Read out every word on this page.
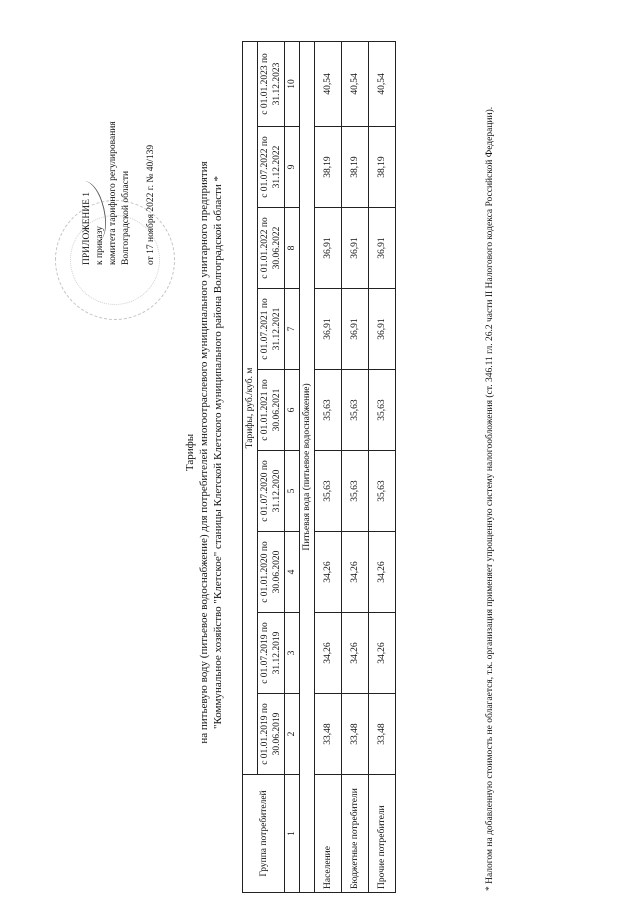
ПРИЛОЖЕНИЕ 1 к приказу комитета тарифного регулирования Волгоградской области от 17 ноября 2022 г. № 40/139
Тарифы на питьевую воду (питьевое водоснабжение) для потребителей многоотраслевого муниципального унитарного предприятия "Коммунальное хозяйство "Клетское" станицы Клетской Клетского муниципального района Волгоградской области *
Группа потребителей	Тарифы, руб./куб. м								
	с 01.01.2019 по 30.06.2019	с 01.07.2019 по 31.12.2019	с 01.01.2020 по 30.06.2020	с 01.07.2020 по 31.12.2020	с 01.01.2021 по 30.06.2021	с 01.07.2021 по 31.12.2021	с 01.01.2022 по 30.06.2022	с 01.07.2022 по 31.12.2022	с 01.01.2023 по 31.12.2023
1	2	3	4	5	6	7	8	9	10
Питьевая вода (питьевое водоснабжение)									
Население	33,48	34,26	34,26	35,63	35,63	36,91	36,91	38,19	40,54
Бюджетные потребители	33,48	34,26	34,26	35,63	35,63	36,91	36,91	38,19	40,54
Прочие потребители	33,48	34,26	34,26	35,63	35,63	36,91	36,91	38,19	40,54
* Налогом на добавленную стоимость не облагается, т.к. организация применяет упрощенную систему налогообложения (ст. 346.11 гл. 26.2 части II Налогового кодекса Российской Федерации).
